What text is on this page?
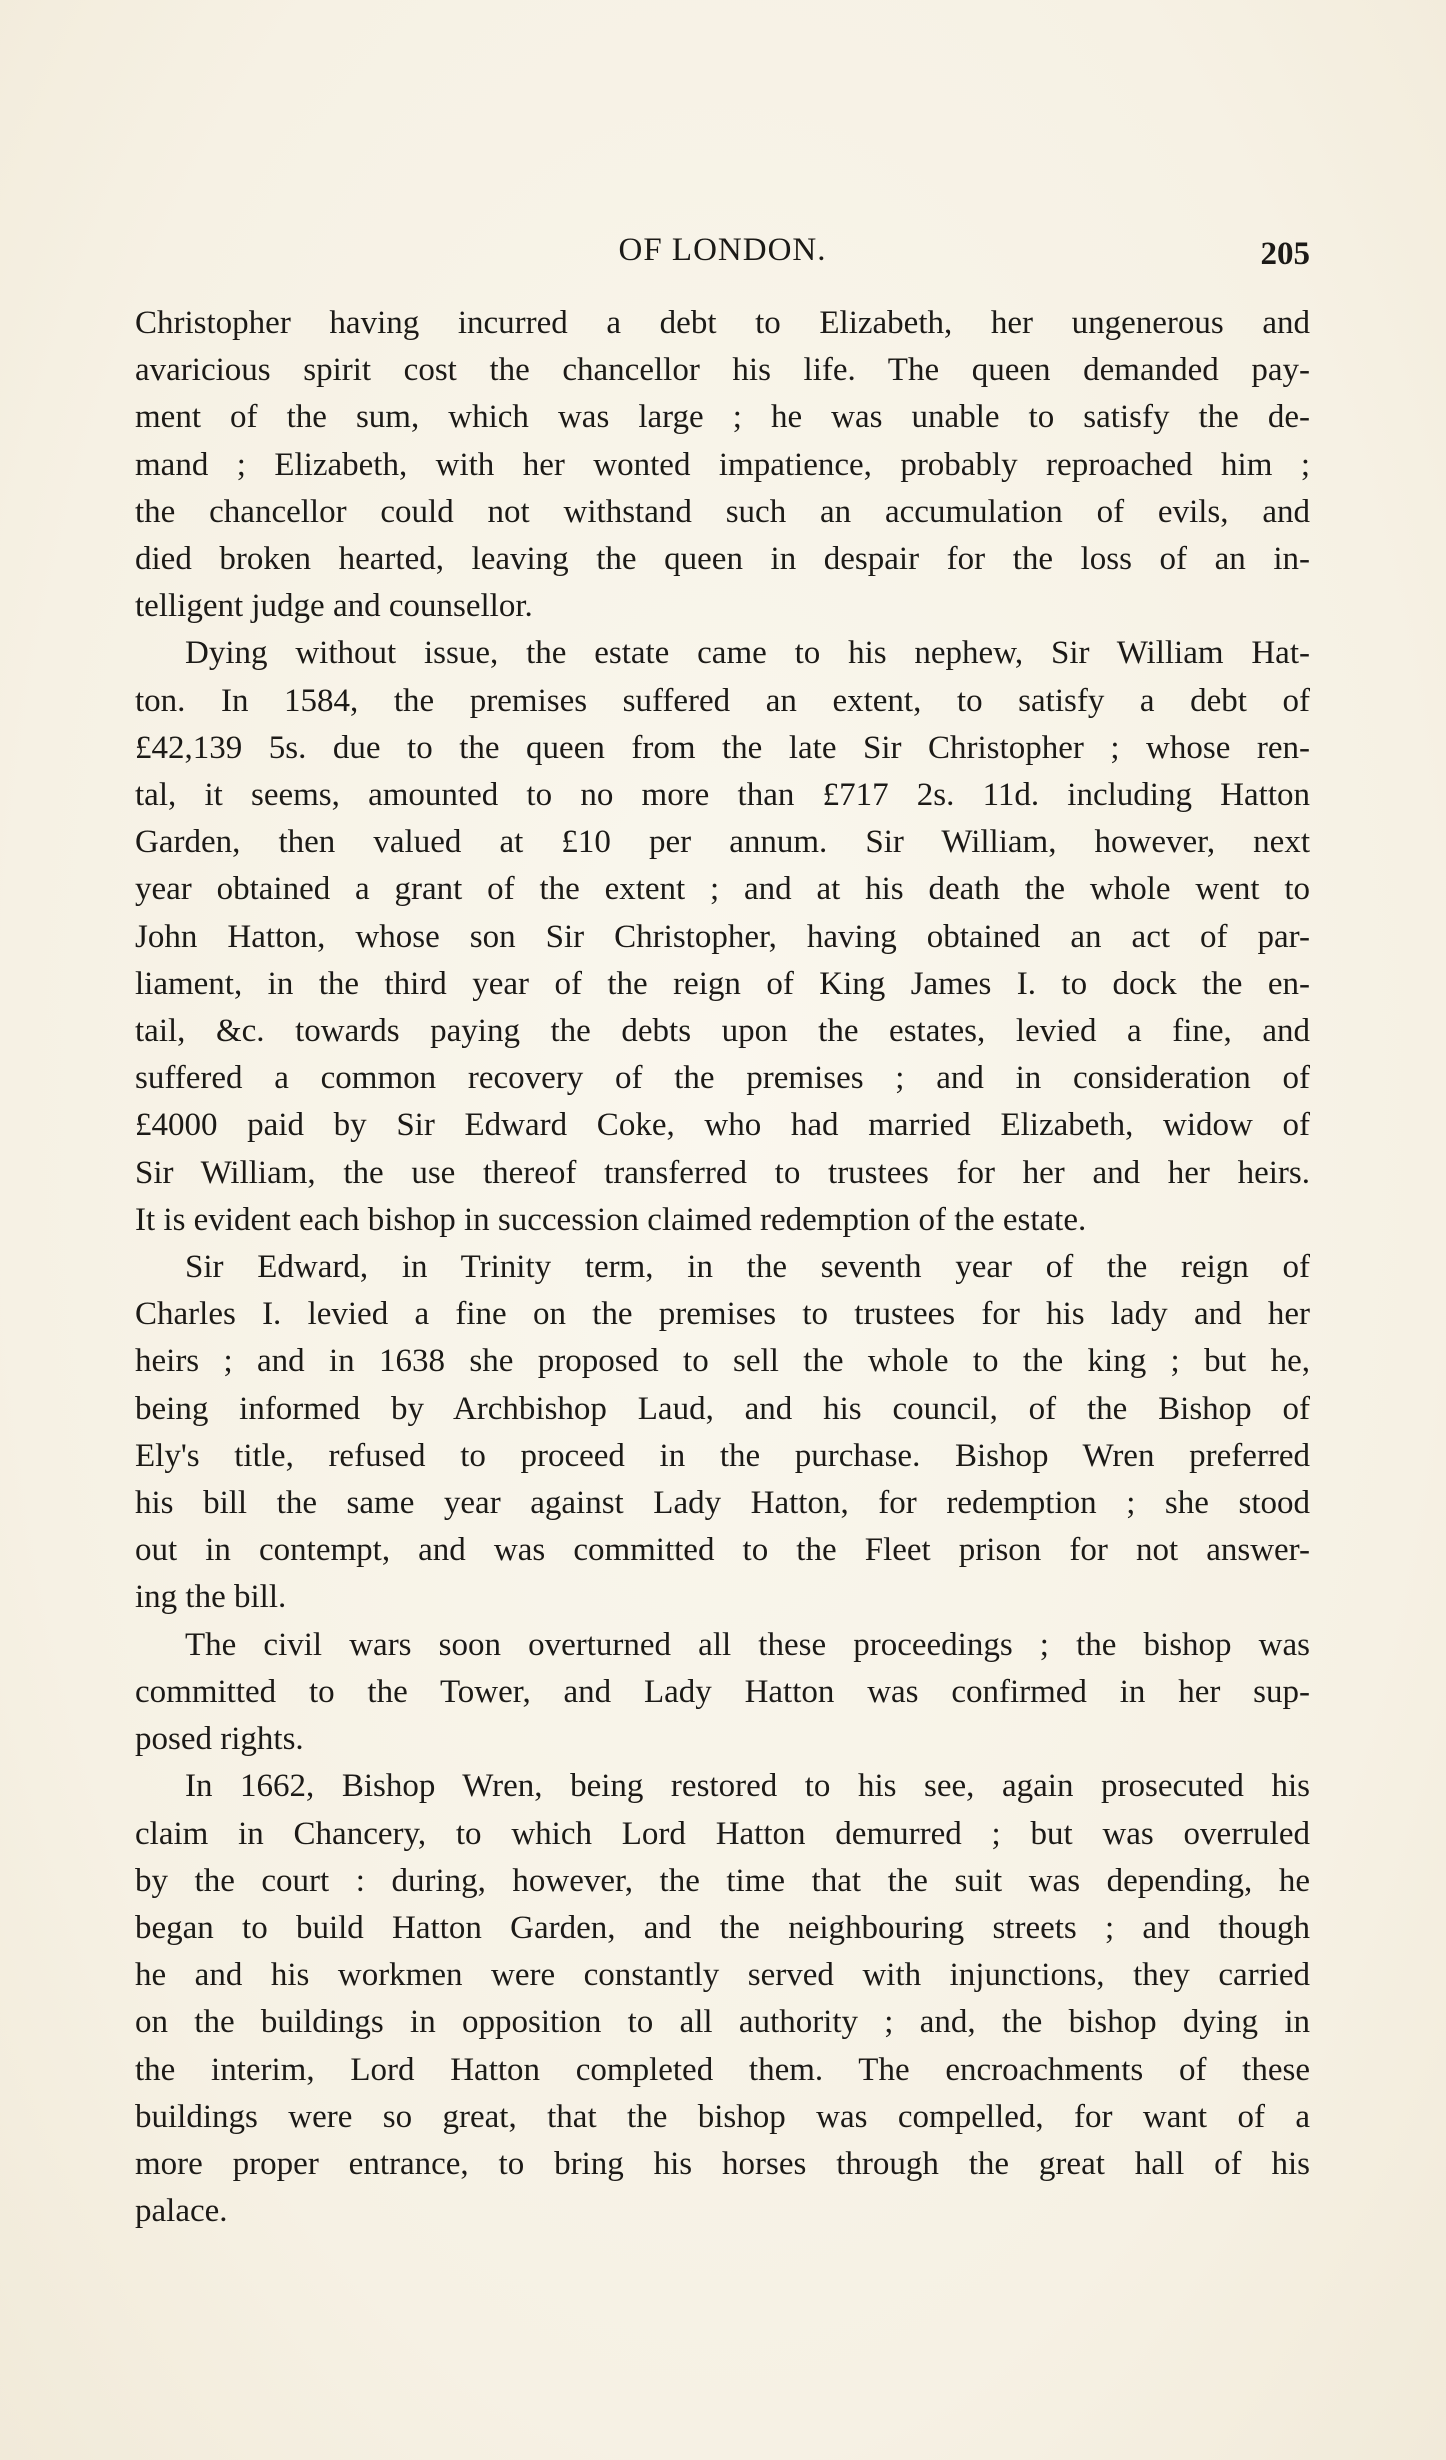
OF LONDON.	205

Christopher having incurred a debt to Elizabeth, her ungenerous and
avaricious spirit cost the chancellor his life. The queen demanded pay-
ment of the sum, which was large ; he was unable to satisfy the de-
mand ; Elizabeth, with her wonted impatience, probably reproached him ;
the chancellor could not withstand such an accumulation of evils, and
died broken hearted, leaving the queen in despair for the loss of an in-
telligent judge and counsellor.

Dying without issue, the estate came to his nephew, Sir William Hat-
ton. In 1584, the premises suffered an extent, to satisfy a debt of
£42,139 5s. due to the queen from the late Sir Christopher ; whose ren-
tal, it seems, amounted to no more than £717 2s. 11d. including Hatton
Garden, then valued at £10 per annum. Sir William, however, next
year obtained a grant of the extent ; and at his death the whole went to
John Hatton, whose son Sir Christopher, having obtained an act of par-
liament, in the third year of the reign of King James I. to dock the en-
tail, &c. towards paying the debts upon the estates, levied a fine, and
suffered a common recovery of the premises ; and in consideration of
£4000 paid by Sir Edward Coke, who had married Elizabeth, widow of
Sir William, the use thereof transferred to trustees for her and her heirs.
It is evident each bishop in succession claimed redemption of the estate.

Sir Edward, in Trinity term, in the seventh year of the reign of
Charles I. levied a fine on the premises to trustees for his lady and her
heirs ; and in 1638 she proposed to sell the whole to the king ; but he,
being informed by Archbishop Laud, and his council, of the Bishop of
Ely's title, refused to proceed in the purchase. Bishop Wren preferred
his bill the same year against Lady Hatton, for redemption ; she stood
out in contempt, and was committed to the Fleet prison for not answer-
ing the bill.

The civil wars soon overturned all these proceedings ; the bishop was
committed to the Tower, and Lady Hatton was confirmed in her sup-
posed rights.

In 1662, Bishop Wren, being restored to his see, again prosecuted his
claim in Chancery, to which Lord Hatton demurred ; but was overruled
by the court : during, however, the time that the suit was depending, he
began to build Hatton Garden, and the neighbouring streets ; and though
he and his workmen were constantly served with injunctions, they carried
on the buildings in opposition to all authority ; and, the bishop dying in
the interim, Lord Hatton completed them. The encroachments of these
buildings were so great, that the bishop was compelled, for want of a
more proper entrance, to bring his horses through the great hall of his
palace.
